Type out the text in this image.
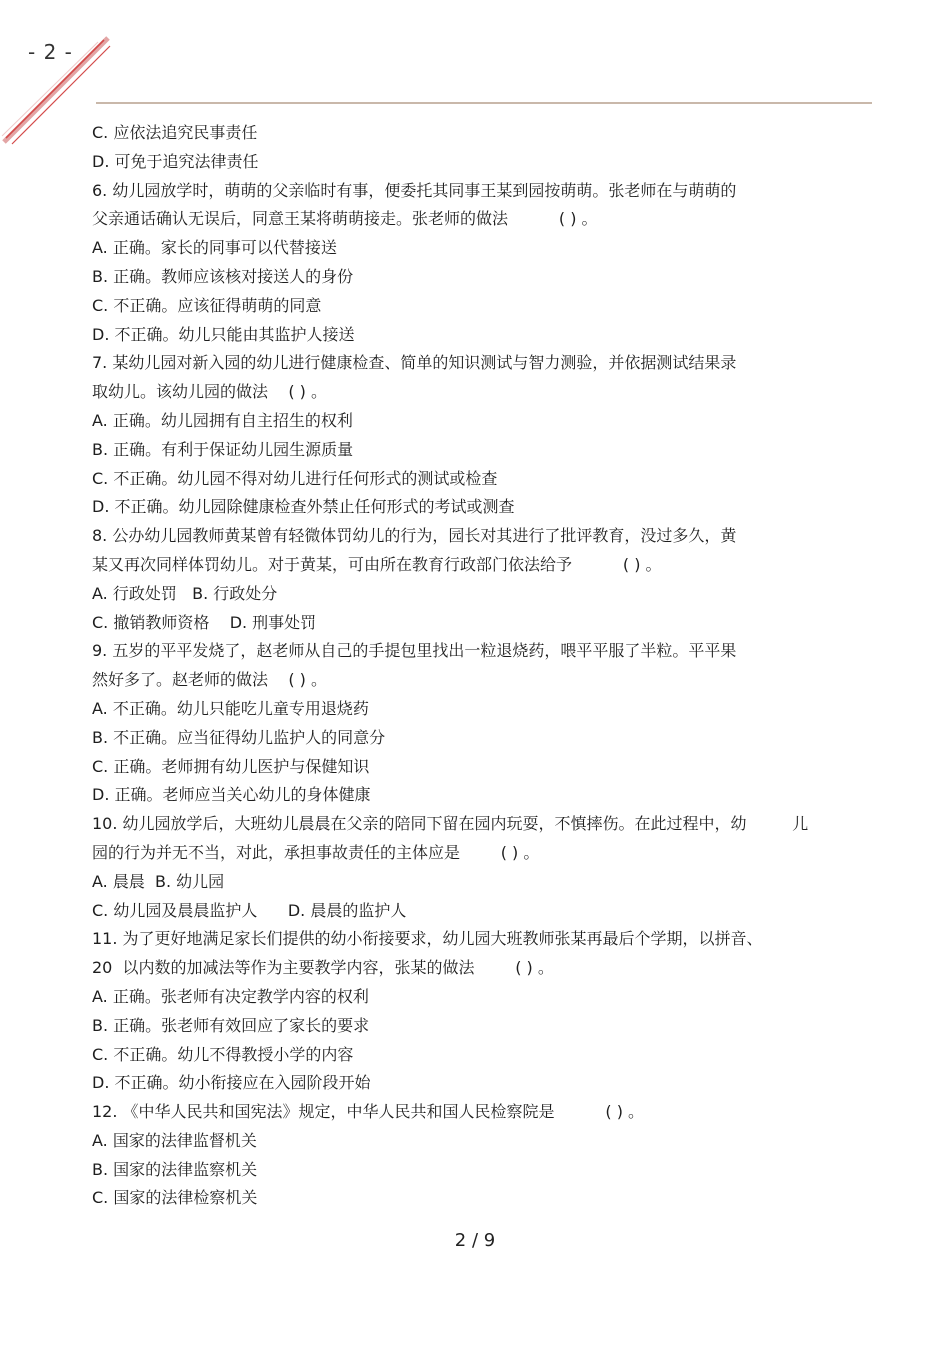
- 2 -
C. 应依法追究民事责任
D. 可免于追究法律责任
6. 幼儿园放学时，萌萌的父亲临时有事，便委托其同事王某到园按萌萌。张老师在与萌萌的
父亲通话确认无误后，同意王某将萌萌接走。张老师的做法          ( ) 。
A. 正确。家长的同事可以代替接送
B. 正确。教师应该核对接送人的身份
C. 不正确。应该征得萌萌的同意
D. 不正确。幼儿只能由其监护人接送
7. 某幼儿园对新入园的幼儿进行健康检查、简单的知识测试与智力测验，并依据测试结果录
取幼儿。该幼儿园的做法    ( ) 。
A. 正确。幼儿园拥有自主招生的权利
B. 正确。有利于保证幼儿园生源质量
C. 不正确。幼儿园不得对幼儿进行任何形式的测试或检查
D. 不正确。幼儿园除健康检查外禁止任何形式的考试或测查
8. 公办幼儿园教师黄某曾有轻微体罚幼儿的行为，园长对其进行了批评教育，没过多久，黄
某又再次同样体罚幼儿。对于黄某，可由所在教育行政部门依法给予          ( ) 。
A. 行政处罚   B. 行政处分
C. 撤销教师资格    D. 刑事处罚
9. 五岁的平平发烧了，赵老师从自己的手提包里找出一粒退烧药，喂平平服了半粒。平平果
然好多了。赵老师的做法    ( ) 。
A. 不正确。幼儿只能吃儿童专用退烧药
B. 不正确。应当征得幼儿监护人的同意分
C. 正确。老师拥有幼儿医护与保健知识
D. 正确。老师应当关心幼儿的身体健康
10. 幼儿园放学后，大班幼儿晨晨在父亲的陪同下留在园内玩耍，不慎摔伤。在此过程中，幼         儿
园的行为并无不当，对此，承担事故责任的主体应是        ( ) 。
A. 晨晨  B. 幼儿园
C. 幼儿园及晨晨监护人      D. 晨晨的监护人
11. 为了更好地满足家长们提供的幼小衔接要求，幼儿园大班教师张某再最后个学期，以拼音、
20  以内数的加减法等作为主要教学内容，张某的做法        ( ) 。
A. 正确。张老师有决定教学内容的权利
B. 正确。张老师有效回应了家长的要求
C. 不正确。幼儿不得教授小学的内容
D. 不正确。幼小衔接应在入园阶段开始
12. 《中华人民共和国宪法》规定，中华人民共和国人民检察院是          ( ) 。
A. 国家的法律监督机关
B. 国家的法律监察机关
C. 国家的法律检察机关
2 / 9
